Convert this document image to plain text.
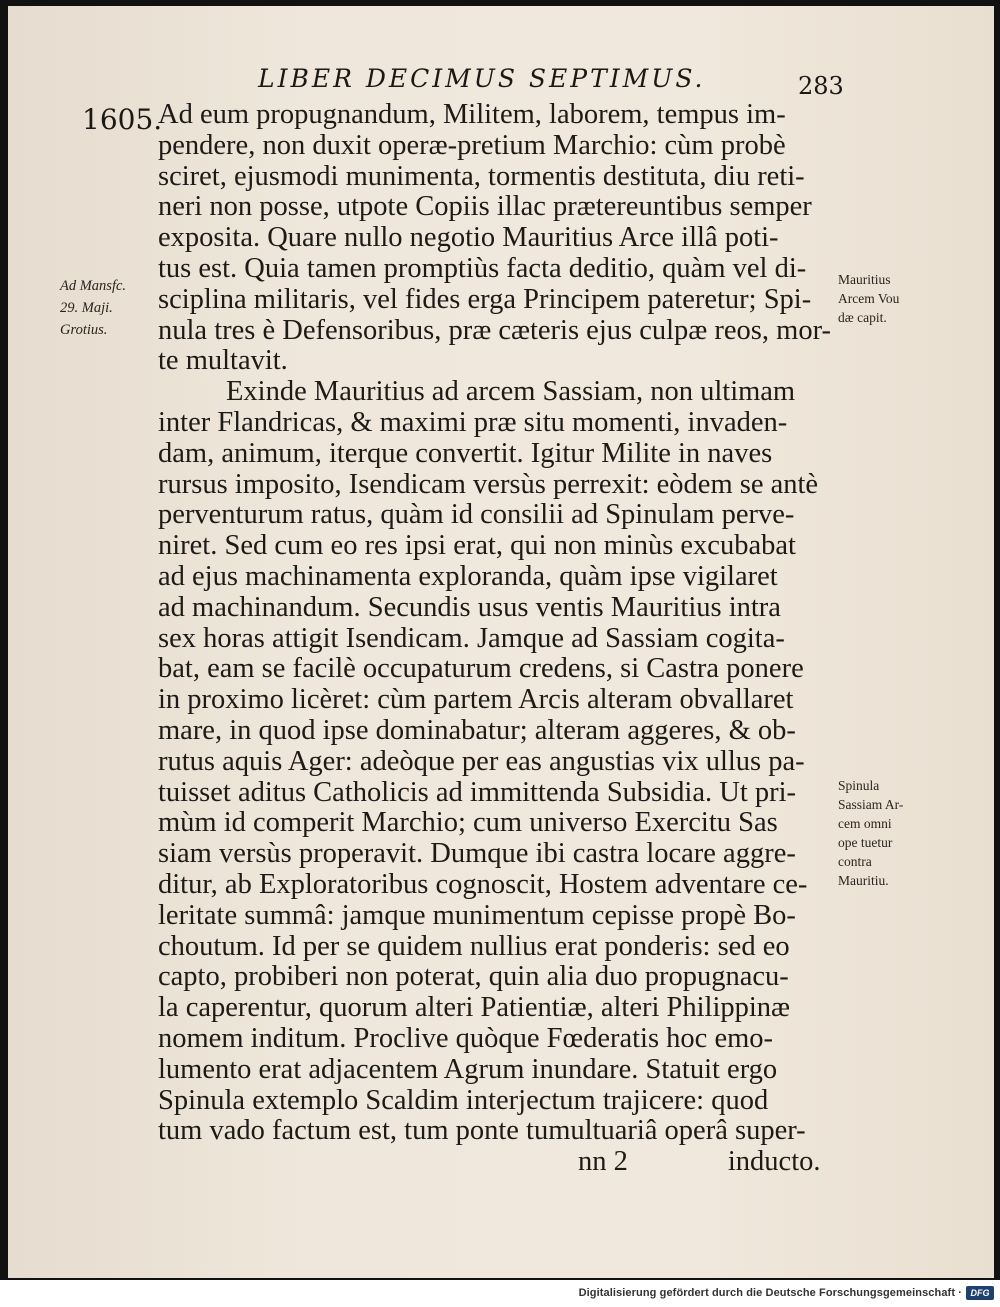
LIBER DECIMUS SEPTIMUS.	283
1605.
Ad Mansfc.
29. Maji.
Grotius.
Mauritius
Arcem Vou
dæ capit.
Spinula
Sassiam Ar-
cem omni
ope tuetur
contra
Mauritiu.

Ad eum propugnandum, Militem, laborem, tempus im-
pendere, non duxit operæ-pretium Marchio: cùm probè
sciret, ejusmodi munimenta, tormentis destituta, diu reti-
neri non posse, utpote Copiis illac prætereuntibus semper
exposita. Quare nullo negotio Mauritius Arce illâ poti-
tus est. Quia tamen promptiùs facta deditio, quàm vel di-
sciplina militaris, vel fides erga Principem pateretur; Spi-
nula tres è Defensoribus, præ cæteris ejus culpæ reos, mor-
te multavit.

Exinde Mauritius ad arcem Sassiam, non ultimam
inter Flandricas, & maximi præ situ momenti, invaden-
dam, animum, iterque convertit. Igitur Milite in naves
rursus imposito, Isendicam versùs perrexit: eòdem se antè
perventurum ratus, quàm id consilii ad Spinulam perve-
niret. Sed cum eo res ipsi erat, qui non minùs excubabat
ad ejus machinamenta exploranda, quàm ipse vigilaret
ad machinandum. Secundis usus ventis Mauritius intra
sex horas attigit Isendicam. Jamque ad Sassiam cogita-
bat, eam se facilè occupaturum credens, si Castra ponere
in proximo licèret: cùm partem Arcis alteram obvallaret
mare, in quod ipse dominabatur; alteram aggeres, & ob-
rutus aquis Ager: adeòque per eas angustias vix ullus pa-
tuisset aditus Catholicis ad immittenda Subsidia. Ut pri-
mùm id comperit Marchio; cum universo Exercitu Sas
siam versùs properavit. Dumque ibi castra locare aggre-
ditur, ab Exploratoribus cognoscit, Hostem adventare ce-
leritate summâ: jamque munimentum cepisse propè Bo-
choutum. Id per se quidem nullius erat ponderis: sed eo
capto, probiberi non poterat, quin alia duo propugnacu-
la caperentur, quorum alteri Patientiæ, alteri Philippinæ
nomem inditum. Proclive quòque Fœderatis hoc emo-
lumento erat adjacentem Agrum inundare. Statuit ergo
Spinula extemplo Scaldim interjectum trajicere: quod
tum vado factum est, tum ponte tumultuariâ operâ super-

nn 2	inducto.
Digitalisierung gefördert durch die Deutsche Forschungsgemeinschaft · DFG
